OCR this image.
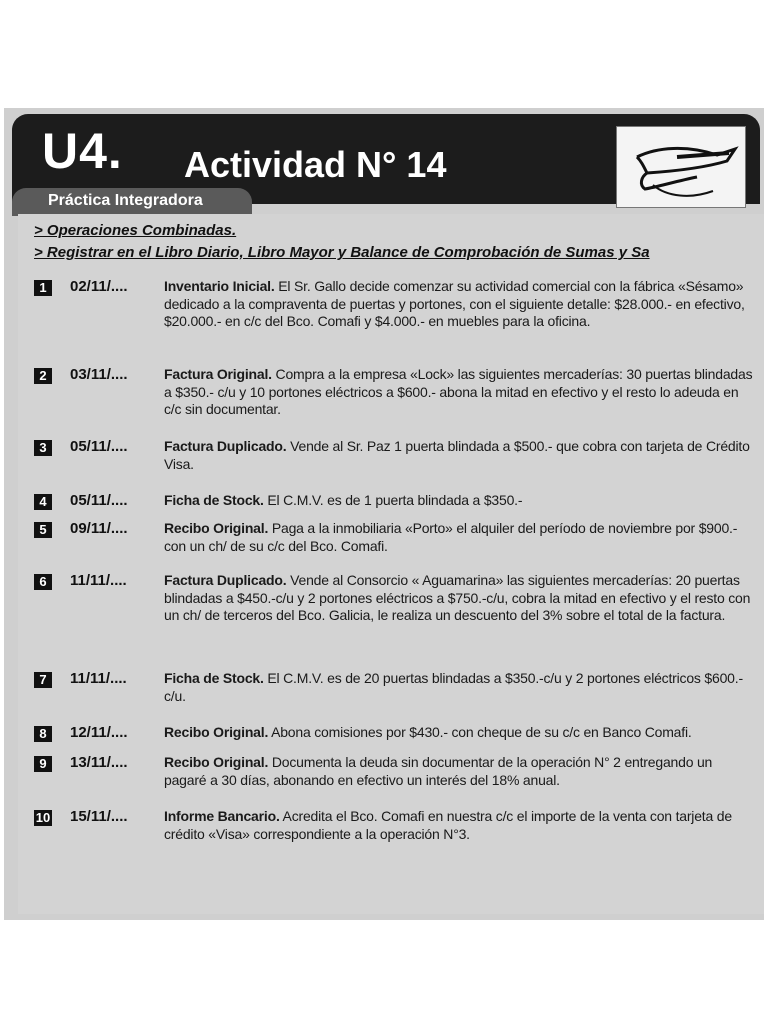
U4. Actividad N° 14
Práctica Integradora
> Operaciones Combinadas.
> Registrar en el Libro Diario, Libro Mayor y Balance de Comprobación de Sumas y Sa
1	02/11/....	Inventario Inicial. El Sr. Gallo decide comenzar su actividad comercial con la fábrica «Sésamo» dedicado a la compraventa de puertas y portones, con el siguiente detalle: $28.000.- en efectivo, $20.000.- en c/c del Bco. Comafi y $4.000.- en muebles para la oficina.
2	03/11/....	Factura Original. Compra a la empresa «Lock» las siguientes mercaderías: 30 puertas blindadas a $350.- c/u y 10 portones eléctricos a $600.- abona la mitad en efectivo y el resto lo adeuda en c/c sin documentar.
3	05/11/....	Factura Duplicado. Vende al Sr. Paz 1 puerta blindada a $500.- que cobra con tarjeta de Crédito Visa.
4	05/11/....	Ficha de Stock. El C.M.V. es de 1 puerta blindada a $350.-
5	09/11/....	Recibo Original. Paga a la inmobiliaria «Porto» el alquiler del período de noviembre por $900.- con un ch/ de su c/c del Bco. Comafi.
6	11/11/....	Factura Duplicado. Vende al Consorcio « Aguamarina» las siguientes mercaderías: 20 puertas blindadas a $450.-c/u y 2 portones eléctricos a $750.-c/u, cobra la mitad en efectivo y el resto con un ch/ de terceros del Bco. Galicia, le realiza un descuento del 3% sobre el total de la factura.
7	11/11/....	Ficha de Stock. El C.M.V. es de 20 puertas blindadas a $350.-c/u y 2 portones eléctricos $600.- c/u.
8	12/11/....	Recibo Original. Abona comisiones por $430.- con cheque de su c/c en Banco Comafi.
9	13/11/....	Recibo Original. Documenta la deuda sin documentar de la operación N° 2 entregando un pagaré a 30 días, abonando en efectivo un interés del 18% anual.
10 15/11/....	Informe Bancario. Acredita el Bco. Comafi en nuestra c/c el importe de la venta con tarjeta de crédito «Visa» correspondiente a la operación N°3.
